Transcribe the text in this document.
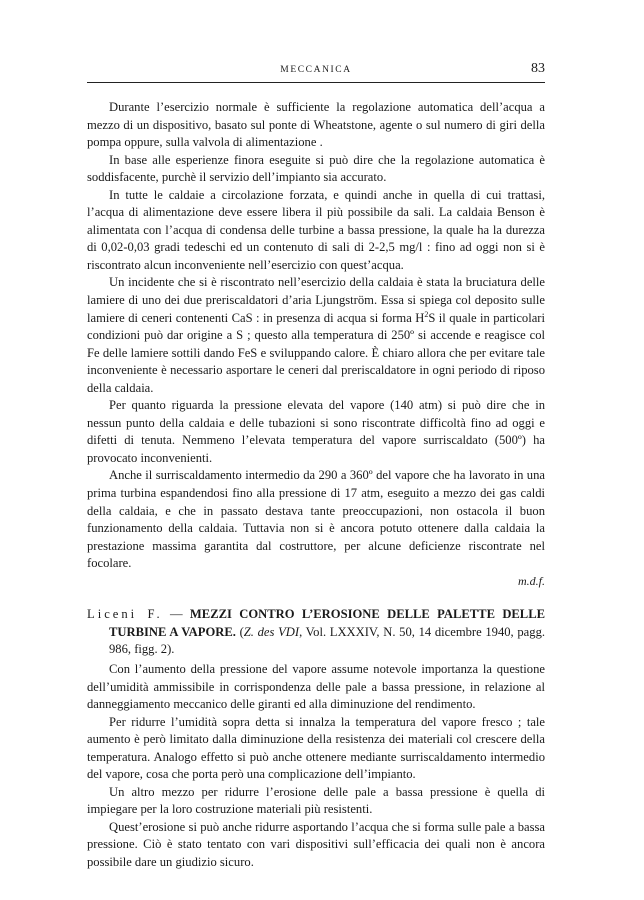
MECCANICA	83

Durante l’esercizio normale è sufficiente la regolazione automatica dell’acqua a mezzo di un dispositivo, basato sul ponte di Wheatstone, agente o sul numero di giri della pompa oppure, sulla valvola di alimentazione .

In base alle esperienze finora eseguite si può dire che la regolazione automatica è soddisfacente, purchè il servizio dell’impianto sia accurato.

In tutte le caldaie a circolazione forzata, e quindi anche in quella di cui trattasi, l’acqua di alimentazione deve essere libera il più possibile da sali. La caldaia Benson è alimentata con l’acqua di condensa delle turbine a bassa pressione, la quale ha la durezza di 0,02-0,03 gradi tedeschi ed un contenuto di sali di 2-2,5 mg/l : fino ad oggi non si è riscontrato alcun inconveniente nell’esercizio con quest’acqua.

Un incidente che si è riscontrato nell’esercizio della caldaia è stata la bruciatura delle lamiere di uno dei due preriscaldatori d’aria Ljungström. Essa si spiega col deposito sulle lamiere di ceneri contenenti CaS : in presenza di acqua si forma $H^2S$ il quale in particolari condizioni può dar origine a S ; questo alla temperatura di 250º si accende e reagisce col Fe delle lamiere sottili dando FeS e sviluppando calore. È chiaro allora che per evitare tale inconveniente è necessario asportare le ceneri dal preriscaldatore in ogni periodo di riposo della caldaia.

Per quanto riguarda la pressione elevata del vapore (140 atm) si può dire che in nessun punto della caldaia e delle tubazioni si sono riscontrate difficoltà fino ad oggi e difetti di tenuta. Nemmeno l’elevata temperatura del vapore surriscaldato (500º) ha provocato inconvenienti.

Anche il surriscaldamento intermedio da 290 a 360º del vapore che ha lavorato in una prima turbina espandendosi fino alla pressione di 17 atm, eseguito a mezzo dei gas caldi della caldaia, e che in passato destava tante preoccupazioni, non ostacola il buon funzionamento della caldaia. Tuttavia non si è ancora potuto ottenere dalla caldaia la prestazione massima garantita dal costruttore, per alcune deficienze riscontrate nel focolare.

m.d.f.
Liceni F. — MEZZI CONTRO L’EROSIONE DELLE PALETTE DELLE TURBINE A VAPORE. (Z. des VDI, Vol. LXXXIV, N. 50, 14 dicembre 1940, pagg. 986, figg. 2).

Con l’aumento della pressione del vapore assume notevole importanza la questione dell’umidità ammissibile in corrispondenza delle pale a bassa pressione, in relazione al danneggiamento meccanico delle giranti ed alla diminuzione del rendimento.

Per ridurre l’umidità sopra detta si innalza la temperatura del vapore fresco ; tale aumento è però limitato dalla diminuzione della resistenza dei materiali col crescere della temperatura. Analogo effetto si può anche ottenere mediante surriscaldamento intermedio del vapore, cosa che porta però una complicazione dell’impianto.

Un altro mezzo per ridurre l’erosione delle pale a bassa pressione è quella di impiegare per la loro costruzione materiali più resistenti.

Quest’erosione si può anche ridurre asportando l’acqua che si forma sulle pale a bassa pressione. Ciò è stato tentato con vari dispositivi sull’efficacia dei quali non è ancora possibile dare un giudizio sicuro.
